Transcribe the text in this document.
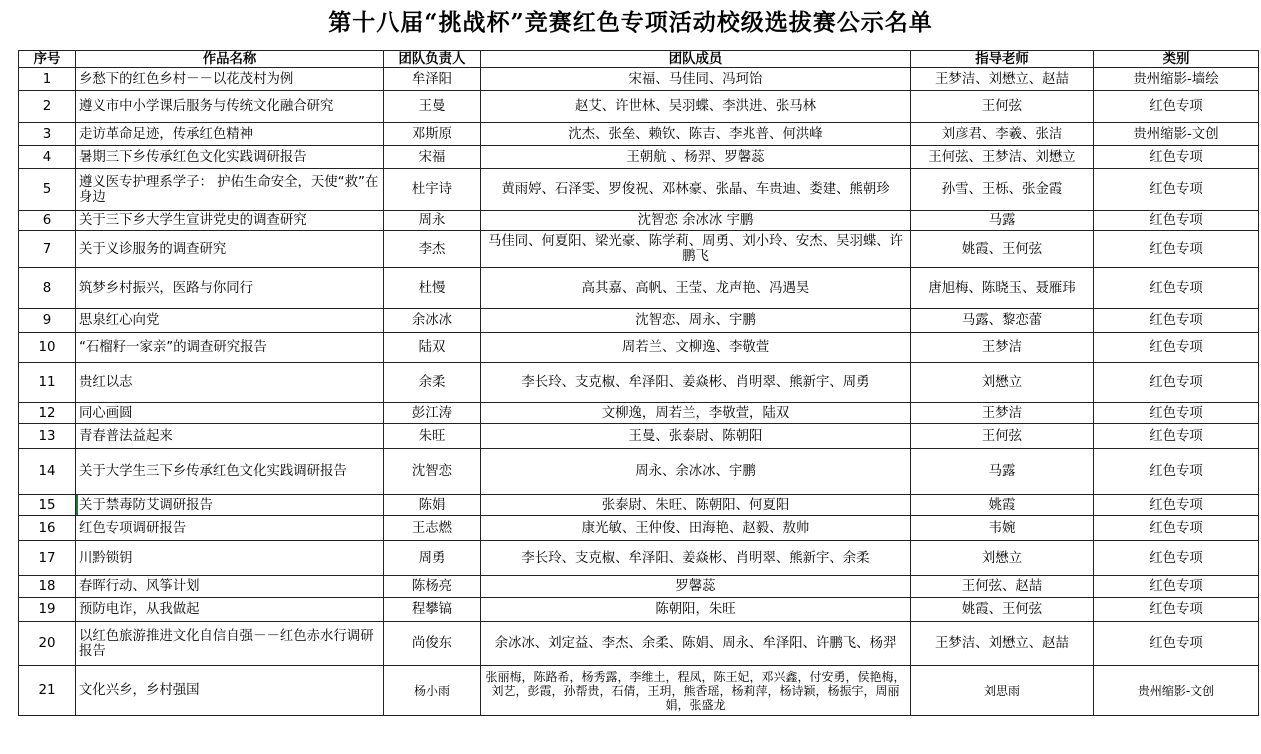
第十八届“挑战杯”竞赛红色专项活动校级选拔赛公示名单
序号	作品名称	团队负责人	团队成员	指导老师	类别
1	乡愁下的红色乡村－－以花茂村为例	牟泽阳	宋福、马佳同、冯珂饴	王梦洁、刘懋立、赵喆	贵州缩影-墙绘
2	遵义市中小学课后服务与传统文化融合研究	王曼	赵艾、许世林、吴羽蝶、李洪进、张马林	王何弦	红色专项
3	走访革命足迹，传承红色精神	邓斯原	沈杰、张垒、赖钦、陈吉、李兆普、何洪峰	刘彦君、李羲、张洁	贵州缩影-文创
4	暑期三下乡传承红色文化实践调研报告	宋福	王朝航 、杨羿、罗馨蕊	王何弦、王梦洁、刘懋立	红色专项
5	遵义医专护理系学子： 护佑生命安全，天使“救”在身边	杜宇诗	黄雨婷、石泽雯、罗俊祝、邓林豪、张晶、车贵迪、娄建、熊朝珍	孙雪、王栎、张金霞	红色专项
6	关于三下乡大学生宣讲党史的调查研究	周永	沈智恋 余冰冰 宇鹏	马露	红色专项
7	关于义诊服务的调查研究	李杰	马佳同、何夏阳、梁光豪、陈学莉、周勇、刘小玲、安杰、吴羽蝶、许鹏飞	姚霞、王何弦	红色专项
8	筑梦乡村振兴，医路与你同行	杜慢	高其嘉、高帆、王莹、龙声艳、冯遇昊	唐旭梅、陈晓玉、聂雁玮	红色专项
9	思泉红心向党	余冰冰	沈智恋、周永、宇鹏	马露、黎恋蕾	红色专项
10	“石榴籽一家亲”的调查研究报告	陆双	周若兰、文柳逸、李敬萱	王梦洁	红色专项
11	贵红以志	余柔	李长玲、支克椒、牟泽阳、姜焱彬、肖明翠、熊新宇、周勇	刘懋立	红色专项
12	同心画圆	彭江涛	文柳逸，周若兰，李敬萱，陆双	王梦洁	红色专项
13	青春普法益起来	朱旺	王曼、张泰尉、陈朝阳	王何弦	红色专项
14	关于大学生三下乡传承红色文化实践调研报告	沈智恋	周永、余冰冰、宇鹏	马露	红色专项
15	关于禁毒防艾调研报告	陈娟	张泰尉、朱旺、陈朝阳、何夏阳	姚霞	红色专项
16	红色专项调研报告	王志燃	康光敏、王仲俊、田海艳、赵毅、敖帅	韦婉	红色专项
17	川黔锁钥	周勇	李长玲、支克椒、牟泽阳、姜焱彬、肖明翠、熊新宇、余柔	刘懋立	红色专项
18	春晖行动、风筝计划	陈杨亮	罗馨蕊	王何弦、赵喆	红色专项
19	预防电诈，从我做起	程攀镐	陈朝阳，朱旺	姚霞、王何弦	红色专项
20	以红色旅游推进文化自信自强－－红色赤水行调研报告	尚俊东	余冰冰、刘定益、李杰、余柔、陈娟、周永、牟泽阳、许鹏飞、杨羿	王梦洁、刘懋立、赵喆	红色专项
21	文化兴乡，乡村强国	杨小雨	张丽梅，陈路希，杨秀露，李维土，程凤，陈王妃，邓兴鑫，付安勇，侯艳梅，刘艺，彭霞，孙帮贵，石倩，王玥，熊香瑶，杨莉萍，杨诗颖，杨振宇，周丽娟，张盛龙	刘思雨	贵州缩影-文创
